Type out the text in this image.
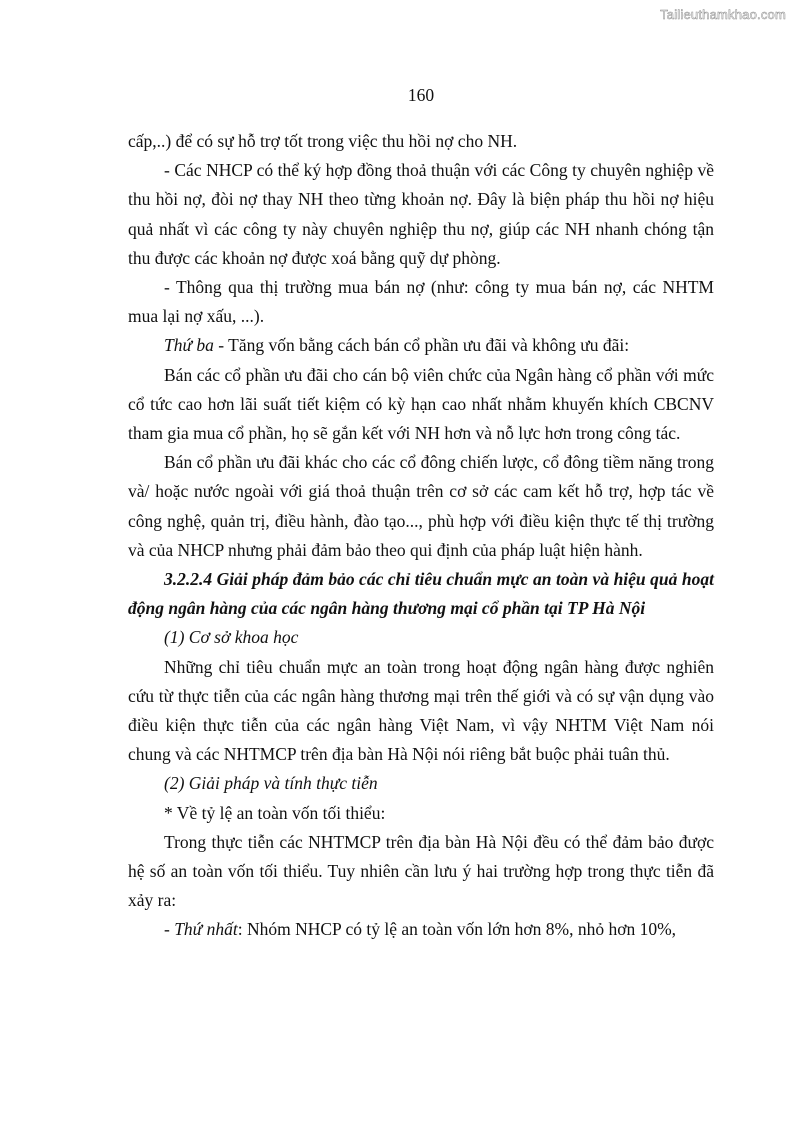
Tailieuthamkhao.com
160

cấp,..) để có sự hỗ trợ tốt trong việc thu hồi nợ cho NH.

- Các NHCP có thể ký hợp đồng thoả thuận với các Công ty chuyên nghiệp về thu hồi nợ, đòi nợ thay NH theo từng khoản nợ. Đây là biện pháp thu hồi nợ hiệu quả nhất vì các công ty này chuyên nghiệp thu nợ, giúp các NH nhanh chóng tận thu được các khoản nợ được xoá bằng quỹ dự phòng.

- Thông qua thị trường mua bán nợ (như: công ty mua bán nợ, các NHTM mua lại nợ xấu, ...).

Thứ ba - Tăng vốn bằng cách bán cổ phần ưu đãi và không ưu đãi:

Bán các cổ phần ưu đãi cho cán bộ viên chức của Ngân hàng cổ phần với mức cổ tức cao hơn lãi suất tiết kiệm có kỳ hạn cao nhất nhằm khuyến khích CBCNV tham gia mua cổ phần, họ sẽ gắn kết với NH hơn và nỗ lực hơn trong công tác.

Bán cổ phần ưu đãi khác cho các cổ đông chiến lược, cổ đông tiềm năng trong và/ hoặc nước ngoài với giá thoả thuận trên cơ sở các cam kết hỗ trợ, hợp tác về công nghệ, quản trị, điều hành, đào tạo..., phù hợp với điều kiện thực tế thị trường và của NHCP nhưng phải đảm bảo theo qui định của pháp luật hiện hành.

3.2.2.4 Giải pháp đảm bảo các chỉ tiêu chuẩn mực an toàn và hiệu quả hoạt động ngân hàng của các ngân hàng thương mại cổ phần tại TP Hà Nội

(1) Cơ sở khoa học

Những chỉ tiêu chuẩn mực an toàn trong hoạt động ngân hàng được nghiên cứu từ thực tiễn của các ngân hàng thương mại trên thế giới và có sự vận dụng vào điều kiện thực tiễn của các ngân hàng Việt Nam, vì vậy NHTM Việt Nam nói chung và các NHTMCP trên địa bàn Hà Nội nói riêng bắt buộc phải tuân thủ.

(2) Giải pháp và tính thực tiễn

* Về tỷ lệ an toàn vốn tối thiểu:

Trong thực tiễn các NHTMCP trên địa bàn Hà Nội đều có thể đảm bảo được hệ số an toàn vốn tối thiểu. Tuy nhiên cần lưu ý hai trường hợp trong thực tiễn đã xảy ra:

- Thứ nhất: Nhóm NHCP có tỷ lệ an toàn vốn lớn hơn 8%, nhỏ hơn 10%,
